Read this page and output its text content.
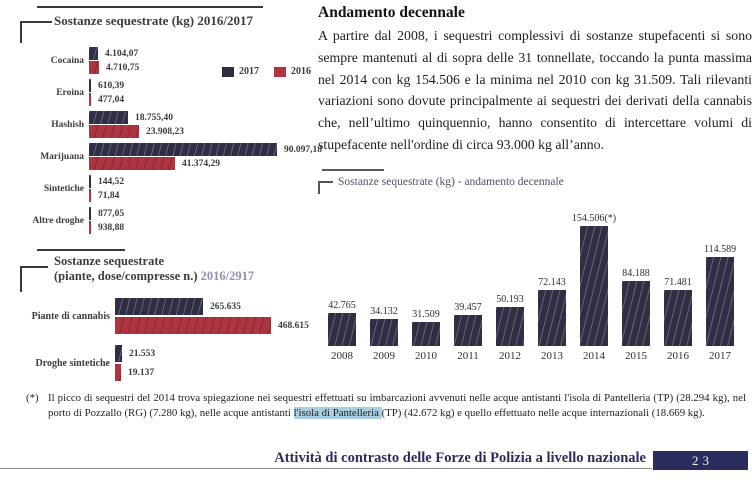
Sostanze sequestrate (kg) 2016/2017
2017	2016
Cocaina
4.104,07
4.710,75
Eroina
610,39
477,04
Hashish
18.755,40
23.908,23
Marijuana
90.097,18
41.374,29
Sintetiche
144,52
71,84
Altre droghe
877,05
938,88
Sostanze sequestrate
(piante, dose/compresse n.) 2016/2917
Piante di cannabis
265.635
468.615
Droghe sintetiche
21.553
19.137
Andamento decennale

A partire dal 2008, i sequestri complessivi di sostanze stupefacenti si sono sempre mantenuti al di sopra delle 31 tonnellate, toccando la punta massima nel 2014 con kg 154.506 e la minima nel 2010 con kg 31.509. Tali rilevanti variazioni sono dovute principalmente ai sequestri dei derivati della cannabis che, nell’ultimo quinquennio, hanno consentito di intercettare volumi di stupefacente nell'ordine di circa 93.000 kg all’anno.

Sostanze sequestrate (kg) - andamento decennale
42.765
2008
34.132
2009
31.509
2010
39.457
2011
50.193
2012
72.143
2013
154.506(*)
2014
84.188
2015
71.481
2016
114.589
2017
(*) Il picco di sequestri del 2014 trova spiegazione nei sequestri effettuati su imbarcazioni avvenuti nelle acque antistanti l'isola di Pantelleria (TP) (28.294 kg), nel porto di Pozzallo (RG) (7.280 kg), nelle acque antistanti l'isola di Pantelleria (TP) (42.672 kg) e quello effettuato nelle acque internazionali (18.669 kg).
Attività di contrasto delle Forze di Polizia a livello nazionale	23
